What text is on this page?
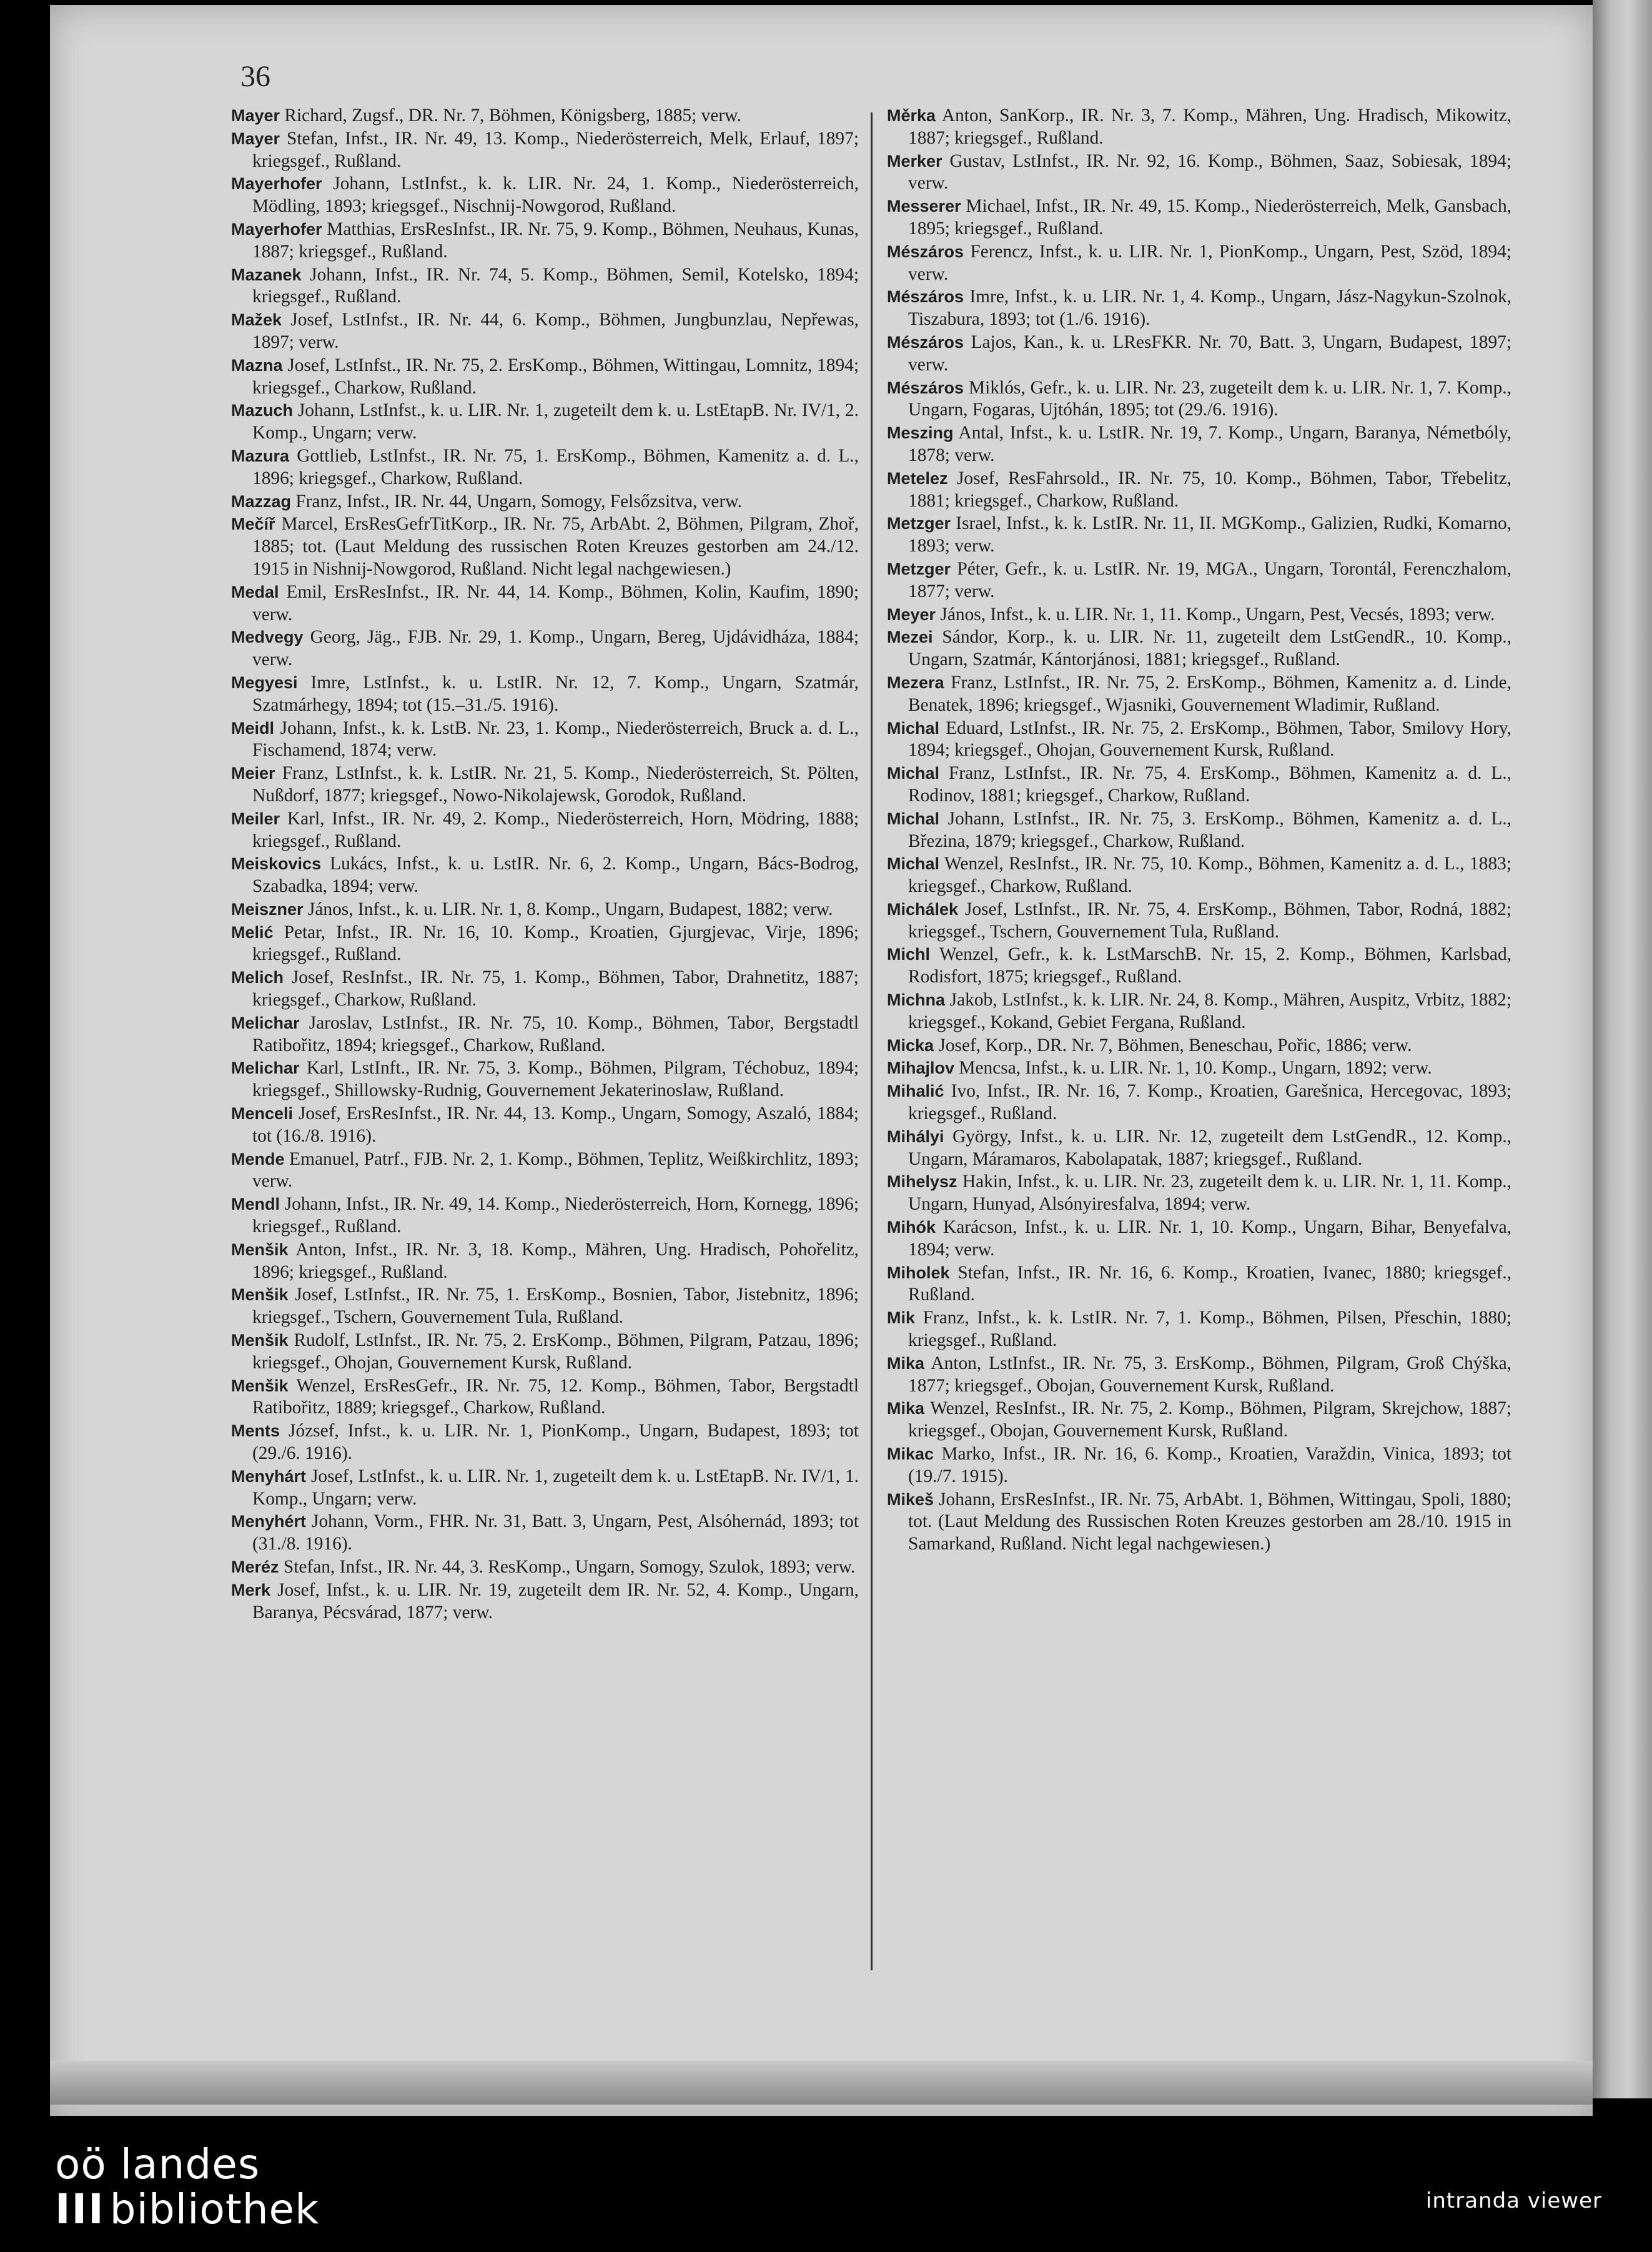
36
Mayer Richard, Zugsf., DR. Nr. 7, Böhmen, Königsberg, 1885; verw.
Mayer Stefan, Infst., IR. Nr. 49, 13. Komp., Niederösterreich, Melk, Erlauf, 1897; kriegsgef., Rußland.
Mayerhofer Johann, LstInfst., k. k. LIR. Nr. 24, 1. Komp., Niederösterreich, Mödling, 1893; kriegsgef., Nischnij-Nowgorod, Rußland.
Mayerhofer Matthias, ErsResInfst., IR. Nr. 75, 9. Komp., Böhmen, Neuhaus, Kunas, 1887; kriegsgef., Rußland.
Mazanek Johann, Infst., IR. Nr. 74, 5. Komp., Böhmen, Semil, Kotelsko, 1894; kriegsgef., Rußland.
Mažek Josef, LstInfst., IR. Nr. 44, 6. Komp., Böhmen, Jungbunzlau, Nepřewas, 1897; verw.
Mazna Josef, LstInfst., IR. Nr. 75, 2. ErsKomp., Böhmen, Wittingau, Lomnitz, 1894; kriegsgef., Charkow, Rußland.
Mazuch Johann, LstInfst., k. u. LIR. Nr. 1, zugeteilt dem k. u. LstEtapB. Nr. IV/1, 2. Komp., Ungarn; verw.
Mazura Gottlieb, LstInfst., IR. Nr. 75, 1. ErsKomp., Böhmen, Kamenitz a. d. L., 1896; kriegsgef., Charkow, Rußland.
Mazzag Franz, Infst., IR. Nr. 44, Ungarn, Somogy, Felsőzsitva, verw.
Mečíř Marcel, ErsResGefrTitKorp., IR. Nr. 75, ArbAbt. 2, Böhmen, Pilgram, Zhoř, 1885; tot. (Laut Meldung des russischen Roten Kreuzes gestorben am 24./12. 1915 in Nishnij-Nowgorod, Rußland. Nicht legal nachgewiesen.)
Medal Emil, ErsResInfst., IR. Nr. 44, 14. Komp., Böhmen, Kolin, Kaufim, 1890; verw.
Medvegy Georg, Jäg., FJB. Nr. 29, 1. Komp., Ungarn, Bereg, Ujdávidháza, 1884; verw.
Megyesi Imre, LstInfst., k. u. LstIR. Nr. 12, 7. Komp., Ungarn, Szatmár, Szatmárhegy, 1894; tot (15.–31./5. 1916).
Meidl Johann, Infst., k. k. LstB. Nr. 23, 1. Komp., Niederösterreich, Bruck a. d. L., Fischamend, 1874; verw.
Meier Franz, LstInfst., k. k. LstIR. Nr. 21, 5. Komp., Niederösterreich, St. Pölten, Nußdorf, 1877; kriegsgef., Nowo-Nikolajewsk, Gorodok, Rußland.
Meiler Karl, Infst., IR. Nr. 49, 2. Komp., Niederösterreich, Horn, Mödring, 1888; kriegsgef., Rußland.
Meiskovics Lukács, Infst., k. u. LstIR. Nr. 6, 2. Komp., Ungarn, Bács-Bodrog, Szabadka, 1894; verw.
Meiszner János, Infst., k. u. LIR. Nr. 1, 8. Komp., Ungarn, Budapest, 1882; verw.
Melić Petar, Infst., IR. Nr. 16, 10. Komp., Kroatien, Gjurgjevac, Virje, 1896; kriegsgef., Rußland.
Melich Josef, ResInfst., IR. Nr. 75, 1. Komp., Böhmen, Tabor, Drahnetitz, 1887; kriegsgef., Charkow, Rußland.
Melichar Jaroslav, LstInfst., IR. Nr. 75, 10. Komp., Böhmen, Tabor, Bergstadtl Ratibořitz, 1894; kriegsgef., Charkow, Rußland.
Melichar Karl, LstInft., IR. Nr. 75, 3. Komp., Böhmen, Pilgram, Téchobuz, 1894; kriegsgef., Shillowsky-Rudnig, Gouvernement Jekaterinoslaw, Rußland.
Menceli Josef, ErsResInfst., IR. Nr. 44, 13. Komp., Ungarn, Somogy, Aszaló, 1884; tot (16./8. 1916).
Mende Emanuel, Patrf., FJB. Nr. 2, 1. Komp., Böhmen, Teplitz, Weißkirchlitz, 1893; verw.
Mendl Johann, Infst., IR. Nr. 49, 14. Komp., Niederösterreich, Horn, Kornegg, 1896; kriegsgef., Rußland.
Menšik Anton, Infst., IR. Nr. 3, 18. Komp., Mähren, Ung. Hradisch, Pohořelitz, 1896; kriegsgef., Rußland.
Menšik Josef, LstInfst., IR. Nr. 75, 1. ErsKomp., Bosnien, Tabor, Jistebnitz, 1896; kriegsgef., Tschern, Gouvernement Tula, Rußland.
Menšik Rudolf, LstInfst., IR. Nr. 75, 2. ErsKomp., Böhmen, Pilgram, Patzau, 1896; kriegsgef., Ohojan, Gouvernement Kursk, Rußland.
Menšik Wenzel, ErsResGefr., IR. Nr. 75, 12. Komp., Böhmen, Tabor, Bergstadtl Ratibořitz, 1889; kriegsgef., Charkow, Rußland.
Ments József, Infst., k. u. LIR. Nr. 1, PionKomp., Ungarn, Budapest, 1893; tot (29./6. 1916).
Menyhárt Josef, LstInfst., k. u. LIR. Nr. 1, zugeteilt dem k. u. LstEtapB. Nr. IV/1, 1. Komp., Ungarn; verw.
Menyhért Johann, Vorm., FHR. Nr. 31, Batt. 3, Ungarn, Pest, Alsóhernád, 1893; tot (31./8. 1916).
Meréz Stefan, Infst., IR. Nr. 44, 3. ResKomp., Ungarn, Somogy, Szulok, 1893; verw.
Merk Josef, Infst., k. u. LIR. Nr. 19, zugeteilt dem IR. Nr. 52, 4. Komp., Ungarn, Baranya, Pécsvárad, 1877; verw.
Měrka Anton, SanKorp., IR. Nr. 3, 7. Komp., Mähren, Ung. Hradisch, Mikowitz, 1887; kriegsgef., Rußland.
Merker Gustav, LstInfst., IR. Nr. 92, 16. Komp., Böhmen, Saaz, Sobiesak, 1894; verw.
Messerer Michael, Infst., IR. Nr. 49, 15. Komp., Niederösterreich, Melk, Gansbach, 1895; kriegsgef., Rußland.
Mészáros Ferencz, Infst., k. u. LIR. Nr. 1, PionKomp., Ungarn, Pest, Szöd, 1894; verw.
Mészáros Imre, Infst., k. u. LIR. Nr. 1, 4. Komp., Ungarn, Jász-Nagykun-Szolnok, Tiszabura, 1893; tot (1./6. 1916).
Mészáros Lajos, Kan., k. u. LResFKR. Nr. 70, Batt. 3, Ungarn, Budapest, 1897; verw.
Mészáros Miklós, Gefr., k. u. LIR. Nr. 23, zugeteilt dem k. u. LIR. Nr. 1, 7. Komp., Ungarn, Fogaras, Ujtóhán, 1895; tot (29./6. 1916).
Meszing Antal, Infst., k. u. LstIR. Nr. 19, 7. Komp., Ungarn, Baranya, Németbóly, 1878; verw.
Metelez Josef, ResFahrsold., IR. Nr. 75, 10. Komp., Böhmen, Tabor, Třebelitz, 1881; kriegsgef., Charkow, Rußland.
Metzger Israel, Infst., k. k. LstIR. Nr. 11, II. MGKomp., Galizien, Rudki, Komarno, 1893; verw.
Metzger Péter, Gefr., k. u. LstIR. Nr. 19, MGA., Ungarn, Torontál, Ferenczhalom, 1877; verw.
Meyer János, Infst., k. u. LIR. Nr. 1, 11. Komp., Ungarn, Pest, Vecsés, 1893; verw.
Mezei Sándor, Korp., k. u. LIR. Nr. 11, zugeteilt dem LstGendR., 10. Komp., Ungarn, Szatmár, Kántorjánosi, 1881; kriegsgef., Rußland.
Mezera Franz, LstInfst., IR. Nr. 75, 2. ErsKomp., Böhmen, Kamenitz a. d. Linde, Benatek, 1896; kriegsgef., Wjasniki, Gouvernement Wladimir, Rußland.
Michal Eduard, LstInfst., IR. Nr. 75, 2. ErsKomp., Böhmen, Tabor, Smilovy Hory, 1894; kriegsgef., Ohojan, Gouvernement Kursk, Rußland.
Michal Franz, LstInfst., IR. Nr. 75, 4. ErsKomp., Böhmen, Kamenitz a. d. L., Rodinov, 1881; kriegsgef., Charkow, Rußland.
Michal Johann, LstInfst., IR. Nr. 75, 3. ErsKomp., Böhmen, Kamenitz a. d. L., Březina, 1879; kriegsgef., Charkow, Rußland.
Michal Wenzel, ResInfst., IR. Nr. 75, 10. Komp., Böhmen, Kamenitz a. d. L., 1883; kriegsgef., Charkow, Rußland.
Michálek Josef, LstInfst., IR. Nr. 75, 4. ErsKomp., Böhmen, Tabor, Rodná, 1882; kriegsgef., Tschern, Gouvernement Tula, Rußland.
Michl Wenzel, Gefr., k. k. LstMarschB. Nr. 15, 2. Komp., Böhmen, Karlsbad, Rodisfort, 1875; kriegsgef., Rußland.
Michna Jakob, LstInfst., k. k. LIR. Nr. 24, 8. Komp., Mähren, Auspitz, Vrbitz, 1882; kriegsgef., Kokand, Gebiet Fergana, Rußland.
Micka Josef, Korp., DR. Nr. 7, Böhmen, Beneschau, Pořic, 1886; verw.
Mihajlov Mencsa, Infst., k. u. LIR. Nr. 1, 10. Komp., Ungarn, 1892; verw.
Mihalić Ivo, Infst., IR. Nr. 16, 7. Komp., Kroatien, Garešnica, Hercegovac, 1893; kriegsgef., Rußland.
Mihályi György, Infst., k. u. LIR. Nr. 12, zugeteilt dem LstGendR., 12. Komp., Ungarn, Máramaros, Kabolapatak, 1887; kriegsgef., Rußland.
Mihelysz Hakin, Infst., k. u. LIR. Nr. 23, zugeteilt dem k. u. LIR. Nr. 1, 11. Komp., Ungarn, Hunyad, Alsónyiresfalva, 1894; verw.
Mihók Karácson, Infst., k. u. LIR. Nr. 1, 10. Komp., Ungarn, Bihar, Benyefalva, 1894; verw.
Miholek Stefan, Infst., IR. Nr. 16, 6. Komp., Kroatien, Ivanec, 1880; kriegsgef., Rußland.
Mik Franz, Infst., k. k. LstIR. Nr. 7, 1. Komp., Böhmen, Pilsen, Přeschin, 1880; kriegsgef., Rußland.
Mika Anton, LstInfst., IR. Nr. 75, 3. ErsKomp., Böhmen, Pilgram, Groß Chýška, 1877; kriegsgef., Obojan, Gouvernement Kursk, Rußland.
Mika Wenzel, ResInfst., IR. Nr. 75, 2. Komp., Böhmen, Pilgram, Skrejchow, 1887; kriegsgef., Obojan, Gouvernement Kursk, Rußland.
Mikac Marko, Infst., IR. Nr. 16, 6. Komp., Kroatien, Varaždin, Vinica, 1893; tot (19./7. 1915).
Mikeš Johann, ErsResInfst., IR. Nr. 75, ArbAbt. 1, Böhmen, Wittingau, Spoli, 1880; tot. (Laut Meldung des Russischen Roten Kreuzes gestorben am 28./10. 1915 in Samarkand, Rußland. Nicht legal nachgewiesen.)
oö landes
III bibliothek	intranda viewer
